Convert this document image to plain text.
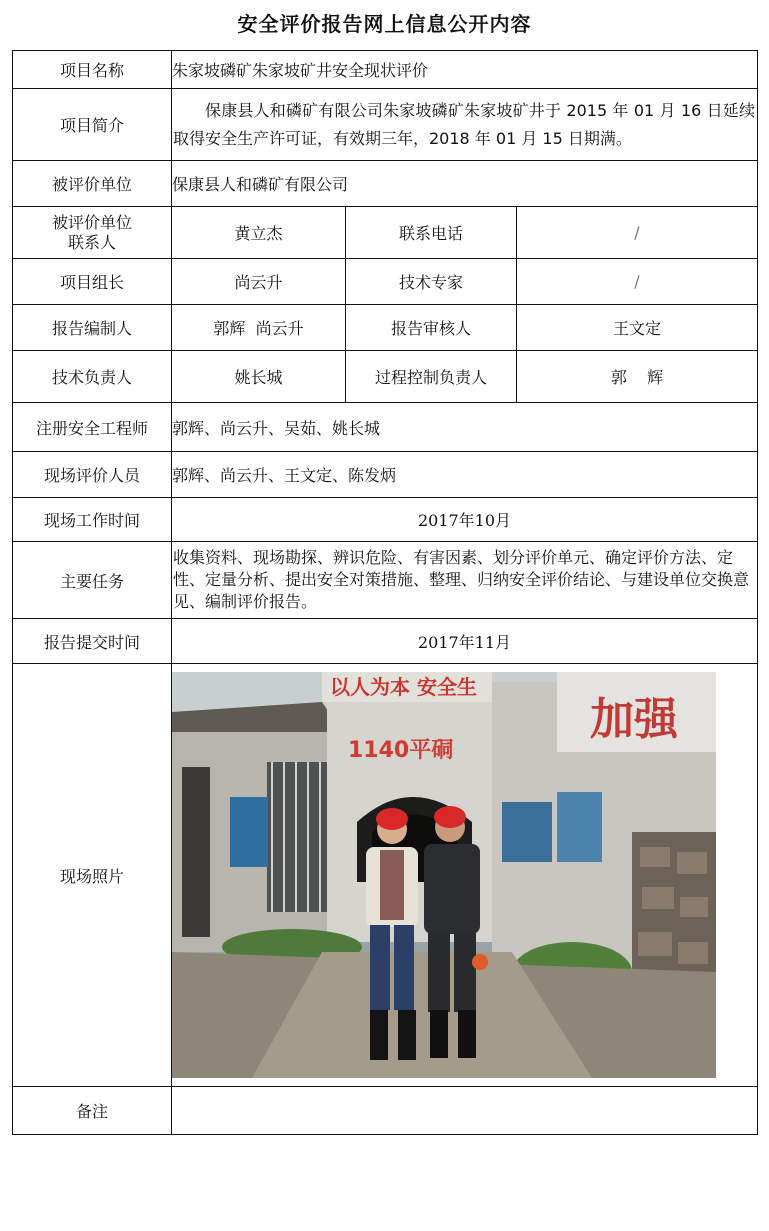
安全评价报告网上信息公开内容
项目名称	朱家坡磷矿朱家坡矿井安全现状评价		
项目简介	保康县人和磷矿有限公司朱家坡磷矿朱家坡矿井于 2015 年 01 月 16 日延续取得安全生产许可证，有效期三年，2018 年 01 月 15 日期满。		

被评价单位	保康县人和磷矿有限公司		

被评价单位
联系人	黄立杰	联系电话	/
项目组长	尚云升	技术专家	/
报告编制人	郭辉  尚云升	报告审核人	王文定
技术负责人	姚长城	过程控制负责人	郭    辉
注册安全工程师	郭辉、尚云升、吴茹、姚长城		
现场评价人员	郭辉、尚云升、王文定、陈发炳		
现场工作时间	2017年10月		
主要任务	收集资料、现场勘探、辨识危险、有害因素、划分评价单元、确定评价方法、定性、定量分析、提出安全对策措施、整理、归纳安全评价结论、与建设单位交换意见、编制评价报告。		

报告提交时间	2017年11月		
现场照片	以人为本 安全生
1140平硐
加强		

备注			
